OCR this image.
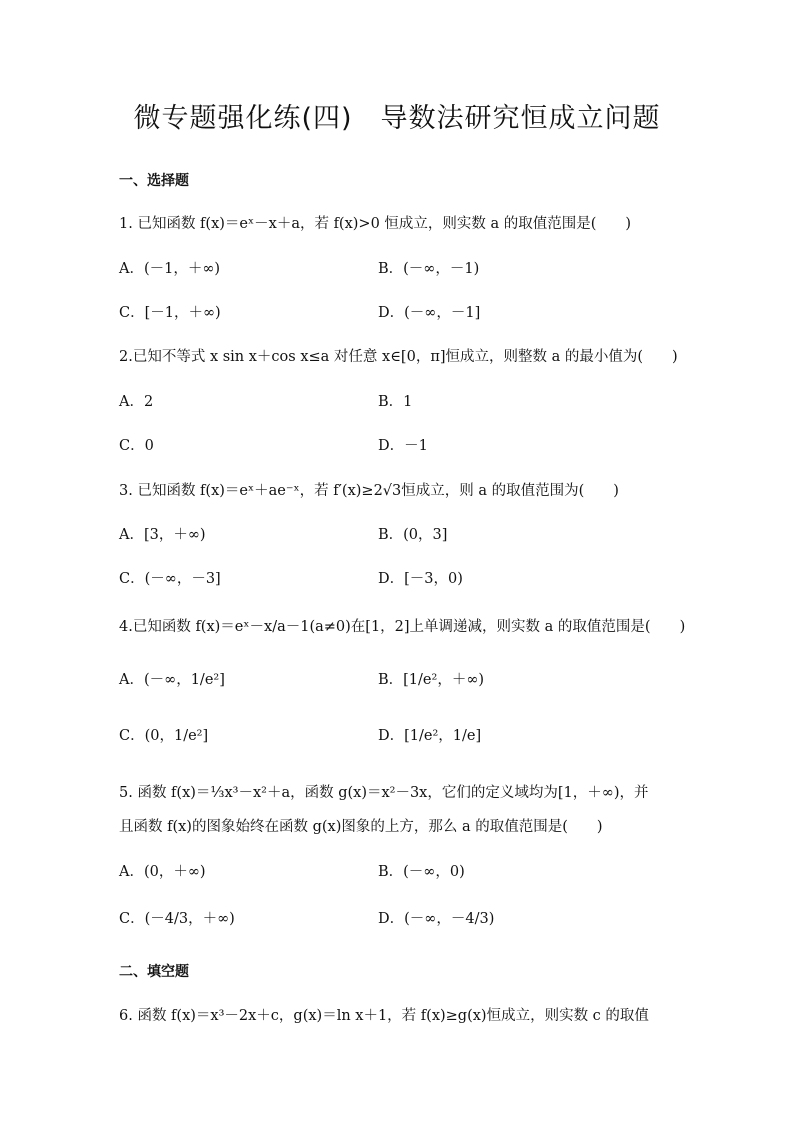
微专题强化练(四)　导数法研究恒成立问题
一、选择题
1. 已知函数 f(x)＝eˣ－x＋a，若 f(x)>0 恒成立，则实数 a 的取值范围是(　　)
A．(－1，＋∞)	B．(－∞，－1)
C．[－1，＋∞)	D．(－∞，－1]
2.已知不等式 x sin x＋cos x≤a 对任意 x∈[0，π]恒成立，则整数 a 的最小值为(　　)
A．2	B．1
C．0	D．－1
3. 已知函数 f(x)＝eˣ＋ae⁻ˣ，若 f′(x)≥2√3恒成立，则 a 的取值范围为(　　)
A．[3，＋∞)	B．(0，3]
C．(－∞，－3]	D．[－3，0)
4.已知函数 f(x)＝eˣ－x/a－1(a≠0)在[1，2]上单调递减，则实数 a 的取值范围是(　　)
A．(－∞，1/e²]	B．[1/e²，＋∞)
C．(0，1/e²]	D．[1/e²，1/e]
5. 函数 f(x)＝⅓x³－x²＋a，函数 g(x)＝x²－3x，它们的定义域均为[1，＋∞)，并
且函数 f(x)的图象始终在函数 g(x)图象的上方，那么 a 的取值范围是(　　)
A．(0，＋∞)	B．(－∞，0)
C．(－4/3，＋∞)	D．(－∞，－4/3)
二、填空题
6. 函数 f(x)＝x³－2x＋c，g(x)＝ln x＋1，若 f(x)≥g(x)恒成立，则实数 c 的取值
